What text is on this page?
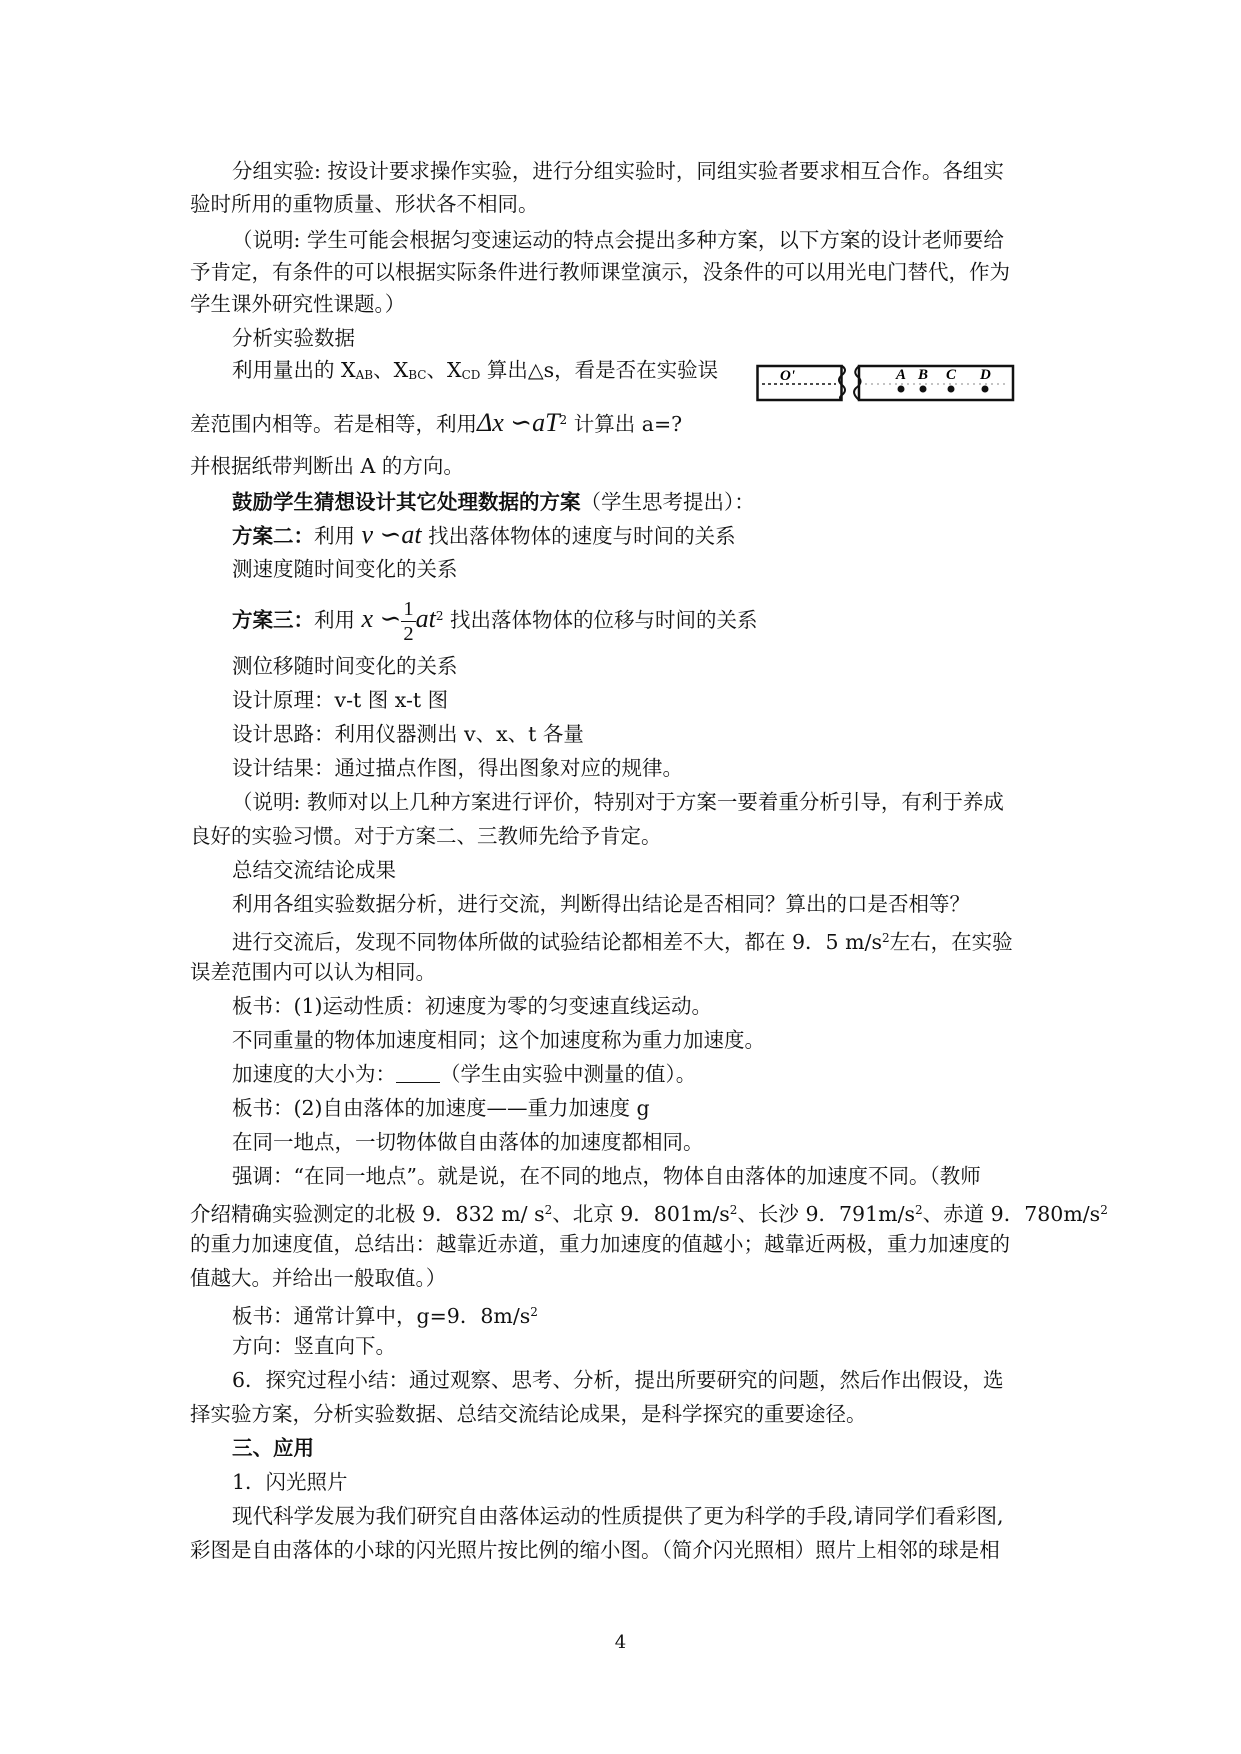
分组实验: 按设计要求操作实验，进行分组实验时，同组实验者要求相互合作。各组实
验时所用的重物质量、形状各不相同。
（说明: 学生可能会根据匀变速运动的特点会提出多种方案，以下方案的设计老师要给
予肯定，有条件的可以根据实际条件进行教师课堂演示，没条件的可以用光电门替代，作为
学生课外研究性课题。）
分析实验数据
利用量出的 $X_{AB}$、$X_{BC}$、$X_{CD}$ 算出△s，看是否在实验误	O'	A B C D
差范围内相等。若是相等，利用Δx $∽aT^2$ 计算出 a=?
并根据纸带判断出 A 的方向。
鼓励学生猜想设计其它处理数据的方案（学生思考提出）：
方案二：利用 v ∽at 找出落体物体的速度与时间的关系
测速度随时间变化的关系
方案三：利用 x ∽ $\frac{1}{2} at^2$ 找出落体物体的位移与时间的关系
测位移随时间变化的关系
设计原理：v-t 图 x-t 图
设计思路：利用仪器测出 v、x、t 各量
设计结果：通过描点作图，得出图象对应的规律。
（说明: 教师对以上几种方案进行评价，特别对于方案一要着重分析引导，有利于养成
良好的实验习惯。对于方案二、三教师先给予肯定。
总结交流结论成果
利用各组实验数据分析，进行交流，判断得出结论是否相同？算出的口是否相等？
进行交流后，发现不同物体所做的试验结论都相差不大，都在 9．5 $m/s^2$左右，在实验
误差范围内可以认为相同。
板书：(1)运动性质：初速度为零的匀变速直线运动。
不同重量的物体加速度相同；这个加速度称为重力加速度。
加速度的大小为： （学生由实验中测量的值）。
板书：(2)自由落体的加速度——重力加速度 g
在同一地点，一切物体做自由落体的加速度都相同。
强调：“在同一地点”。就是说，在不同的地点，物体自由落体的加速度不同。（教师
介绍精确实验测定的北极 9．832 m/ $s^2$、北京 9．$801m/s^2$、长沙 9．$791m/s^2$、赤道 9．$780m/s^2$
的重力加速度值，总结出：越靠近赤道，重力加速度的值越小；越靠近两极，重力加速度的
值越大。并给出一般取值。）
板书：通常计算中，g=9．$8m/s^2$
方向：竖直向下。
6．探究过程小结：通过观察、思考、分析，提出所要研究的问题，然后作出假设，选
择实验方案，分析实验数据、总结交流结论成果，是科学探究的重要途径。
三、应用
1．闪光照片
现代科学发展为我们研究自由落体运动的性质提供了更为科学的手段,请同学们看彩图,
彩图是自由落体的小球的闪光照片按比例的缩小图。（简介闪光照相）照片上相邻的球是相
4
